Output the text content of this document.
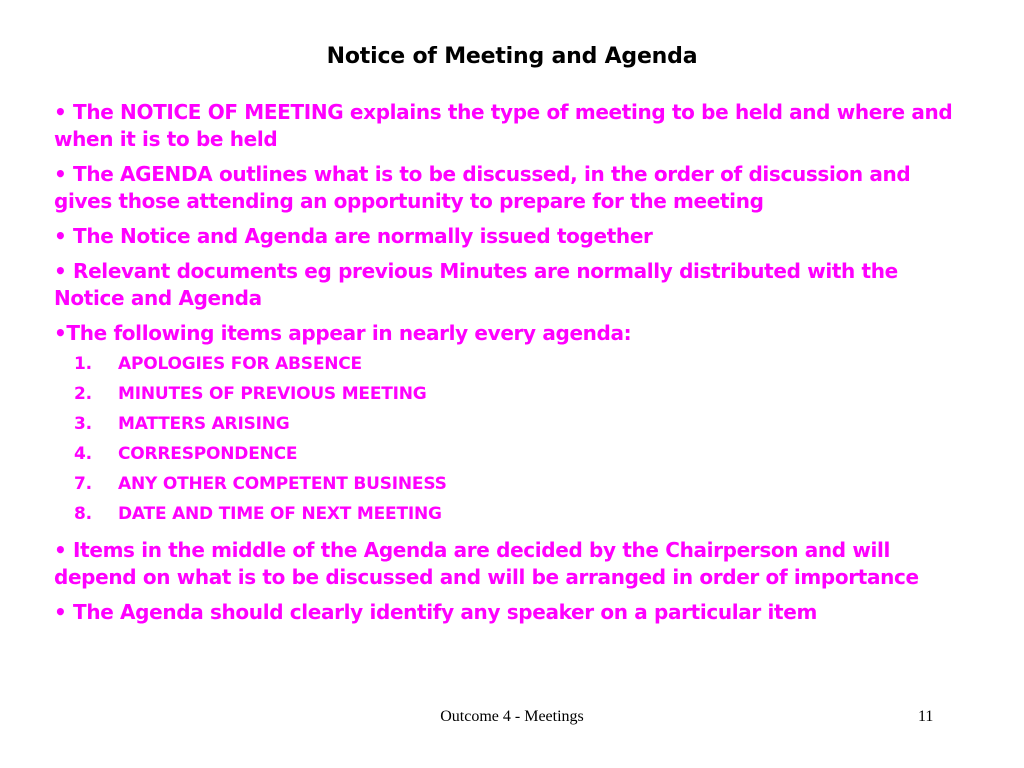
Notice of Meeting and Agenda

• The NOTICE OF MEETING explains the type of meeting to be held and where and when it is to be held

• The AGENDA outlines what is to be discussed, in the order of discussion and gives those attending an opportunity to prepare for the meeting

• The Notice and Agenda are normally issued together

• Relevant documents eg previous Minutes are normally distributed with the Notice and Agenda

•The following items appear in nearly every agenda:

1. APOLOGIES FOR ABSENCE
2. MINUTES OF PREVIOUS MEETING
3. MATTERS ARISING
4. CORRESPONDENCE
7. ANY OTHER COMPETENT BUSINESS
8. DATE AND TIME OF NEXT MEETING

• Items in the middle of the Agenda are decided by the Chairperson and will depend on what is to be discussed and will be arranged in order of importance

• The Agenda should clearly identify any speaker on a particular item

Outcome 4 - Meetings	11
